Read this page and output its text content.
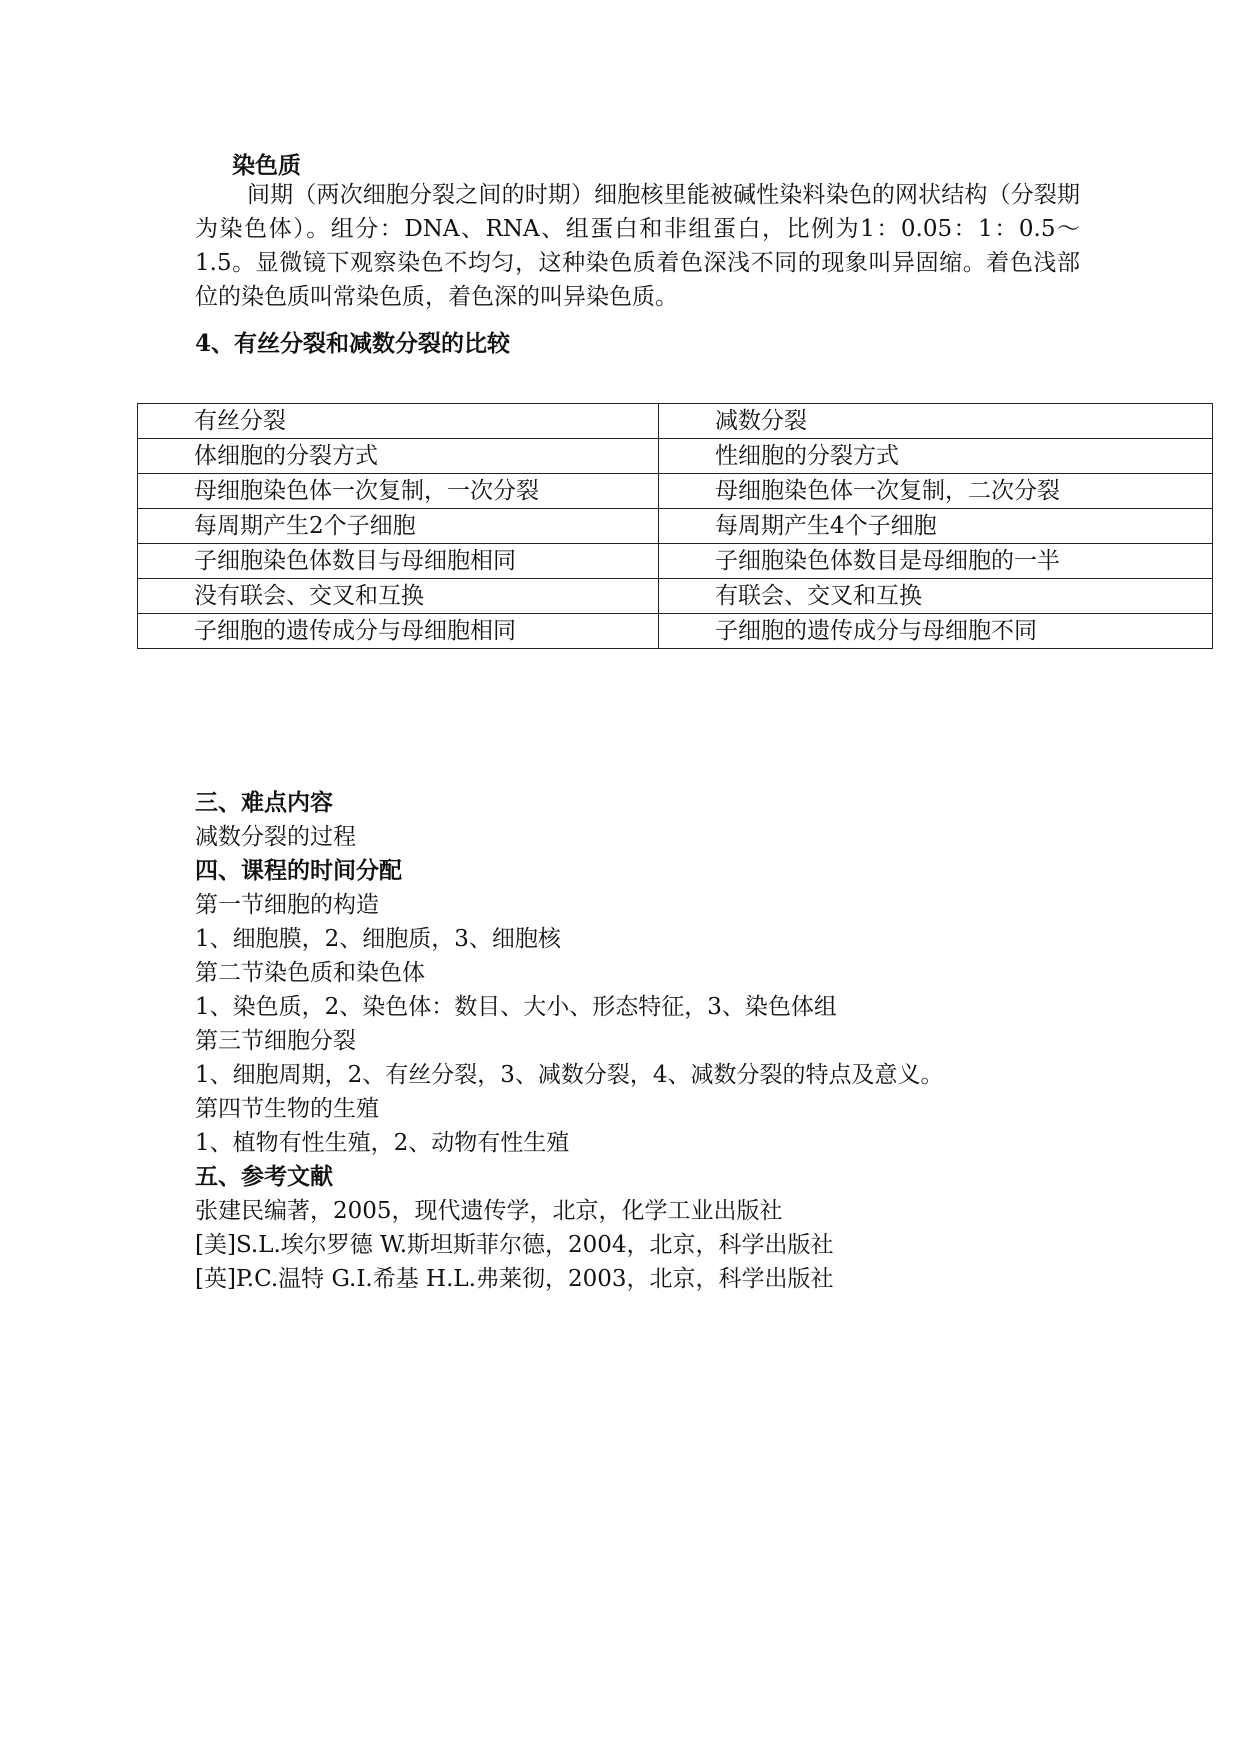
染色质

间期（两次细胞分裂之间的时期）细胞核里能被碱性染料染色的网状结构（分裂期为染色体）。组分：DNA、RNA、组蛋白和非组蛋白，比例为1：0.05：1：0.5～1.5。显微镜下观察染色不均匀，这种染色质着色深浅不同的现象叫异固缩。着色浅部位的染色质叫常染色质，着色深的叫异染色质。

4、有丝分裂和减数分裂的比较

有丝分裂	减数分裂
体细胞的分裂方式	性细胞的分裂方式
母细胞染色体一次复制，一次分裂	母细胞染色体一次复制，二次分裂
每周期产生2个子细胞	每周期产生4个子细胞
子细胞染色体数目与母细胞相同	子细胞染色体数目是母细胞的一半
没有联会、交叉和互换	有联会、交叉和互换
子细胞的遗传成分与母细胞相同	子细胞的遗传成分与母细胞不同

三、难点内容

减数分裂的过程

四、课程的时间分配

第一节细胞的构造

1、细胞膜，2、细胞质，3、细胞核

第二节染色质和染色体

1、染色质，2、染色体：数目、大小、形态特征，3、染色体组

第三节细胞分裂

1、细胞周期，2、有丝分裂，3、减数分裂，4、减数分裂的特点及意义。

第四节生物的生殖

1、植物有性生殖，2、动物有性生殖

五、参考文献

张建民编著，2005，现代遗传学，北京，化学工业出版社

[美]S.L.埃尔罗德 W.斯坦斯菲尔德，2004，北京，科学出版社

[英]P.C.温特 G.I.希基 H.L.弗莱彻，2003，北京，科学出版社
